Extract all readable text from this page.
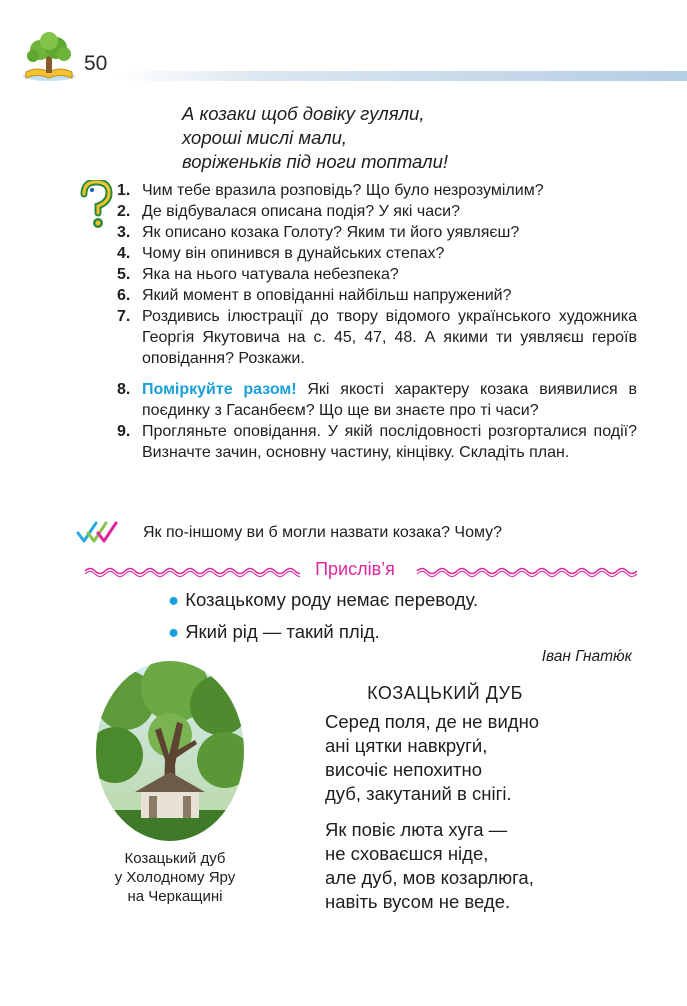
50

А козаки щоб довіку гуляли,

хороші мислі мали,

воріженьків під ноги топтали!

1. Чим тебе вразила розповідь? Що було незрозумілим?

2. Де відбувалася описана подія? У які часи?

3. Як описано козака Голоту? Яким ти його уявляєш?

4. Чому він опинився в дунайських степах?

5. Яка на нього чатувала небезпека?

6. Який момент в оповіданні найбільш напружений?

7. Роздивись ілюстрації до твору відомого українського художника Георгія Якутовича на с. 45, 47, 48. А якими ти уявляєш героїв оповідання? Розкажи.

8. Поміркуйте разом! Які якості характеру козака виявилися в поєдинку з Гасанбеєм? Що ще ви знаєте про ті часи?

9. Прогляньте оповідання. У якій послідовності розгорталися події? Визначте зачин, основну частину, кінцівку. Складіть план.

Як по-іншому ви б могли назвати козака? Чому?
Прислів’я
● Козацькому роду немає переводу.
● Який рід — такий плід.
Іван Гнатю́к
Козацький дуб
у Холодному Яру
на Черкащині
КОЗАЦЬКИЙ ДУБ

Серед поля, де не видно

ані цятки навкруги́,

височіє непохитно

дуб, закутаний в снігі.

Як повіє люта хуга —

не сховаєшся ніде,

але дуб, мов козарлюга,

навіть вусом не веде.
